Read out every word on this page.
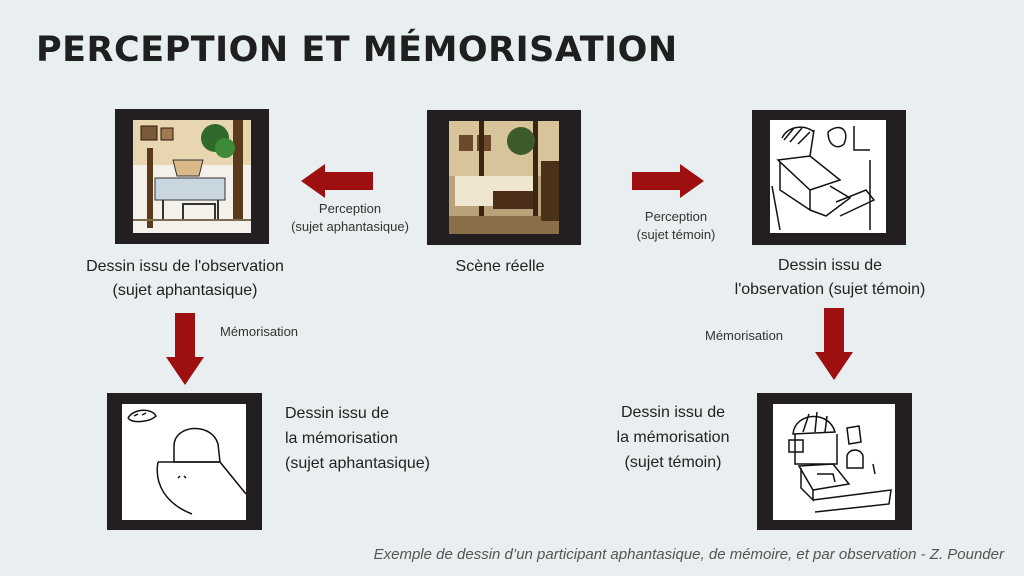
PERCEPTION ET MÉMORISATION
Perception
(sujet aphantasique)
Perception
(sujet témoin)
Mémorisation	Mémorisation
Dessin issu de l'observation
(sujet aphantasique)
Scène réelle	Dessin issu de
l'observation (sujet témoin)
Dessin issu de
la mémorisation
(sujet aphantasique)
Dessin issu de
la mémorisation
(sujet témoin)
Exemple de dessin d’un participant aphantasique, de mémoire, et par observation - Z. Pounder
